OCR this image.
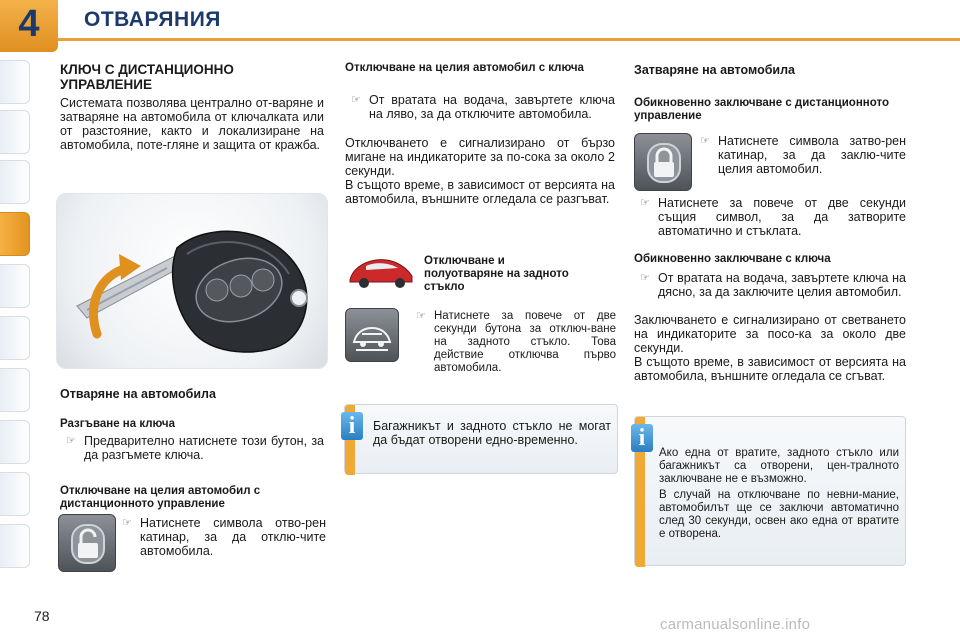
4	ОТВАРЯНИЯ
КЛЮЧ С ДИСТАНЦИОННО УПРАВЛЕНИЕ

Системата позволява централно от-варяне и затваряне на автомобила от ключалката или от разстояние, както и локализиране на автомобила, поте-гляне и защита от кражба.

Отваряне на автомобила
Разгъване на ключа
☞ Предварително натиснете този бутон, за да разгъмете ключа.
Отключване на целия автомобил с дистанционното управление
☞ Натиснете символа отво-рен катинар, за да отклю-чите автомобила.
Отключване на целия автомобил с ключа
☞ От вратата на водача, завъртете ключа на ляво, за да отключите автомобила.

Отключването е сигнализирано от бързо мигане на индикаторите за по-сока за около 2 секунди.

В същото време, в зависимост от версията на автомобила, външните огледала се разгъват.

Отключване и полуотваряне на задното стъкло
☞ Натиснете за повече от две секунди бутона за отключ-ване на задното стъкло. Това действие отключва първо автомобила.

Багажникът и задното стъкло не могат да бъдат отворени едно-временно.

i
Затваряне на автомобила
Обикновенно заключване с дистанционното управление
☞ Натиснете символа затво-рен катинар, за да заклю-чите целия автомобил.
☞ Натиснете за повече от две секунди същия символ, за да затворите автоматично и стъклата.
Обикновенно заключване с ключа
☞ От вратата на водача, завъртете ключа на дясно, за да заключите целия автомобил.

Заключването е сигнализирано от светването на индикаторите за посо-ка за около две секунди.

В същото време, в зависимост от версията на автомобила, външните огледала се сгъват.

Ако една от вратите, задното стъкло или багажникът са отворени, цен-тралното заключване не е възможно.

В случай на отключване по невни-мание, автомобилът ще се заключи автоматично след 30 секунди, освен ако една от вратите е отворена.

i
78	carmanualsonline.info
